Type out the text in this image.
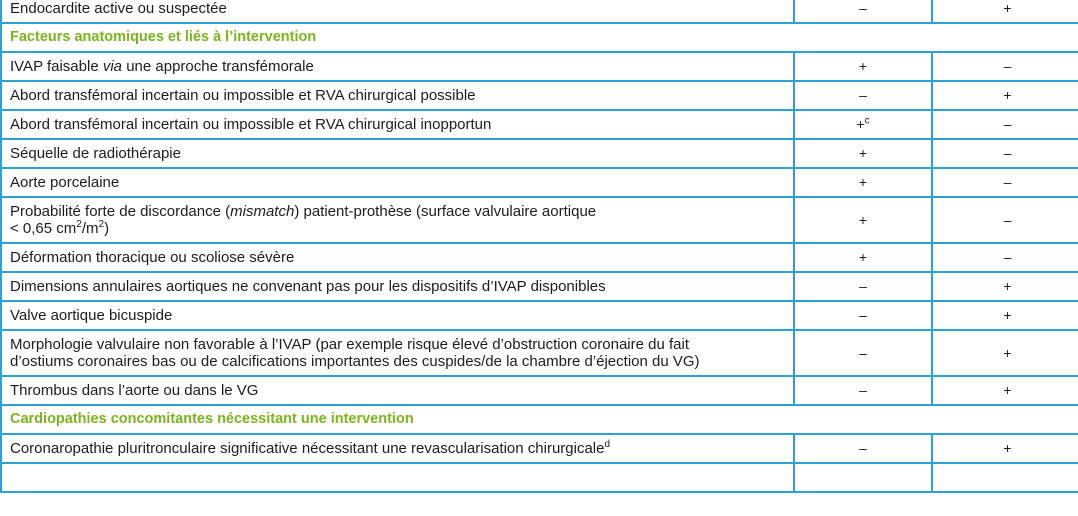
Endocardite active ou suspectée	–	+
Facteurs anatomiques et liés à l’intervention		
IVAP faisable via une approche transfémorale	+	–
Abord transfémoral incertain ou impossible et RVA chirurgical possible	–	+
Abord transfémoral incertain ou impossible et RVA chirurgical inopportun	+$^c$	–
Séquelle de radiothérapie	+	–
Aorte porcelaine	+	–

Probabilité forte de discordance (mismatch) patient-prothèse (surface valvulaire aortique
< 0,65 $cm^2/m^2$)	+	–
Déformation thoracique ou scoliose sévère	+	–
Dimensions annulaires aortiques ne convenant pas pour les dispositifs d’IVAP disponibles	–	+
Valve aortique bicuspide	–	+

Morphologie valvulaire non favorable à l’IVAP (par exemple risque élevé d’obstruction coronaire du fait
d’ostiums coronaires bas ou de calcifications importantes des cuspides/de la chambre d’éjection du VG)	–	+
Thrombus dans l’aorte ou dans le VG	–	+
Cardiopathies concomitantes nécessitant une intervention		
Coronaropathie pluritronculaire significative nécessitant une revascularisation chirurgicale$^d$	–	+
